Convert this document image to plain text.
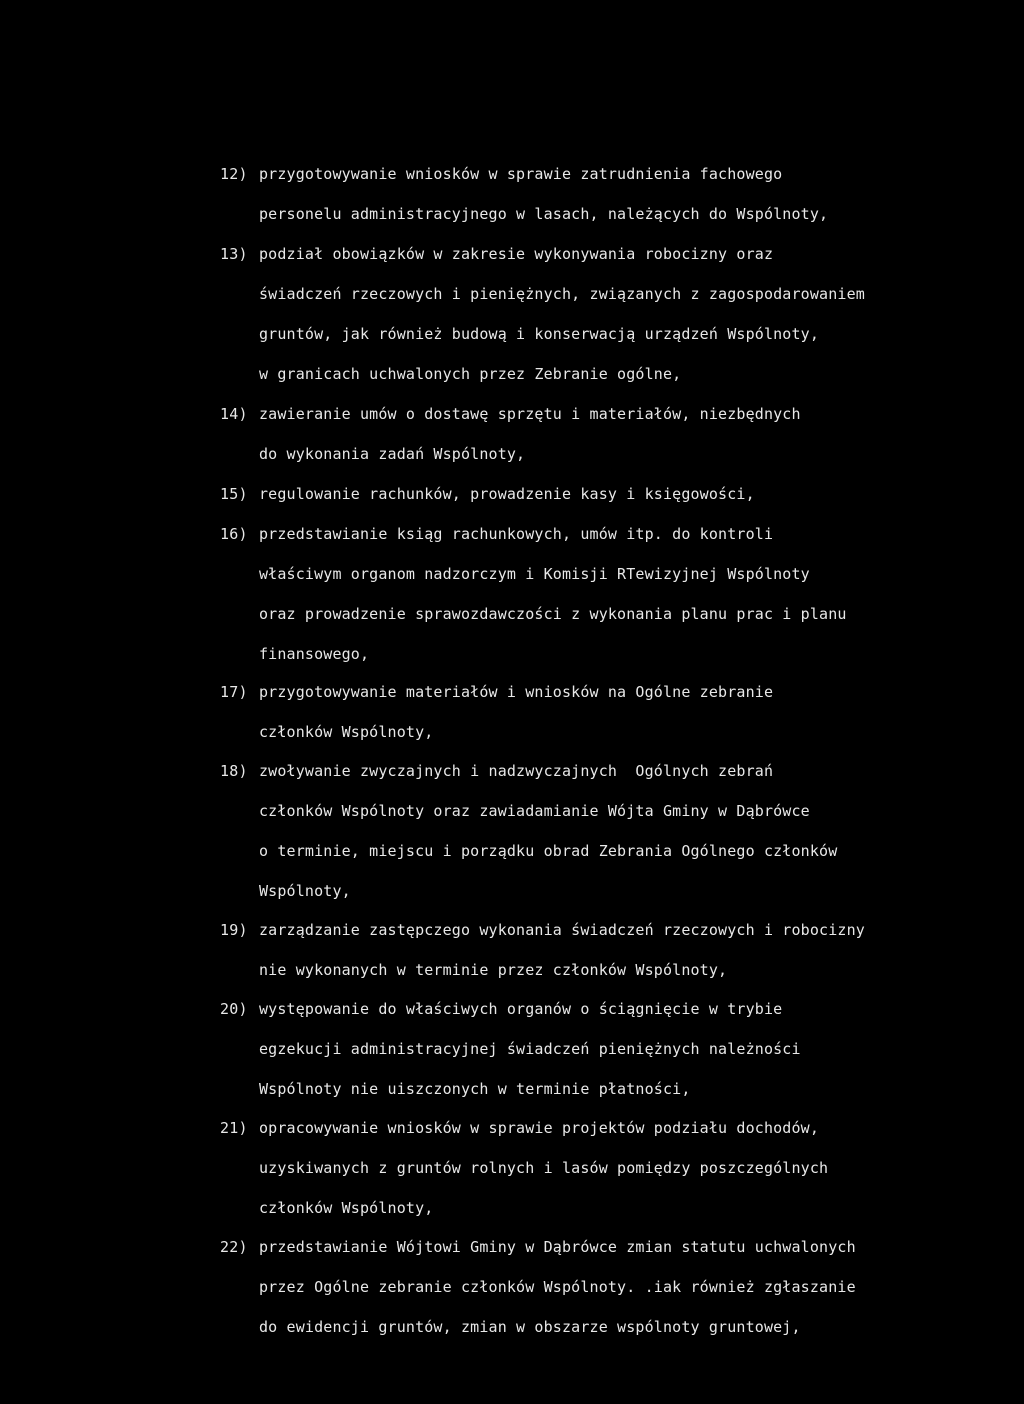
12) przygotowywanie wniosków w sprawie zatrudnienia fachowego
personelu administracyjnego w lasach, należących do Wspólnoty,
13) podział obowiązków w zakresie wykonywania robocizny oraz
świadczeń rzeczowych i pieniężnych, związanych z zagospodarowaniem
gruntów, jak również budową i konserwacją urządzeń Wspólnoty,
w granicach uchwalonych przez Zebranie ogólne,
14) zawieranie umów o dostawę sprzętu i materiałów, niezbędnych
do wykonania zadań Wspólnoty,
15) regulowanie rachunków, prowadzenie kasy i księgowości,
16) przedstawianie ksiąg rachunkowych, umów itp. do kontroli
właściwym organom nadzorczym i Komisji RTewizyjnej Wspólnoty
oraz prowadzenie sprawozdawczości z wykonania planu prac i planu
finansowego,
17) przygotowywanie materiałów i wniosków na Ogólne zebranie
członków Wspólnoty,
18) zwoływanie zwyczajnych i nadzwyczajnych  Ogólnych zebrań
członków Wspólnoty oraz zawiadamianie Wójta Gminy w Dąbrówce
o terminie, miejscu i porządku obrad Zebrania Ogólnego członków
Wspólnoty,
19) zarządzanie zastępczego wykonania świadczeń rzeczowych i robocizny
nie wykonanych w terminie przez członków Wspólnoty,
20) występowanie do właściwych organów o ściągnięcie w trybie
egzekucji administracyjnej świadczeń pieniężnych należności
Wspólnoty nie uiszczonych w terminie płatności,
21) opracowywanie wniosków w sprawie projektów podziału dochodów,
uzyskiwanych z gruntów rolnych i lasów pomiędzy poszczególnych
członków Wspólnoty,
22) przedstawianie Wójtowi Gminy w Dąbrówce zmian statutu uchwalonych
przez Ogólne zebranie członków Wspólnoty. .iak również zgłaszanie
do ewidencji gruntów, zmian w obszarze wspólnoty gruntowej,
